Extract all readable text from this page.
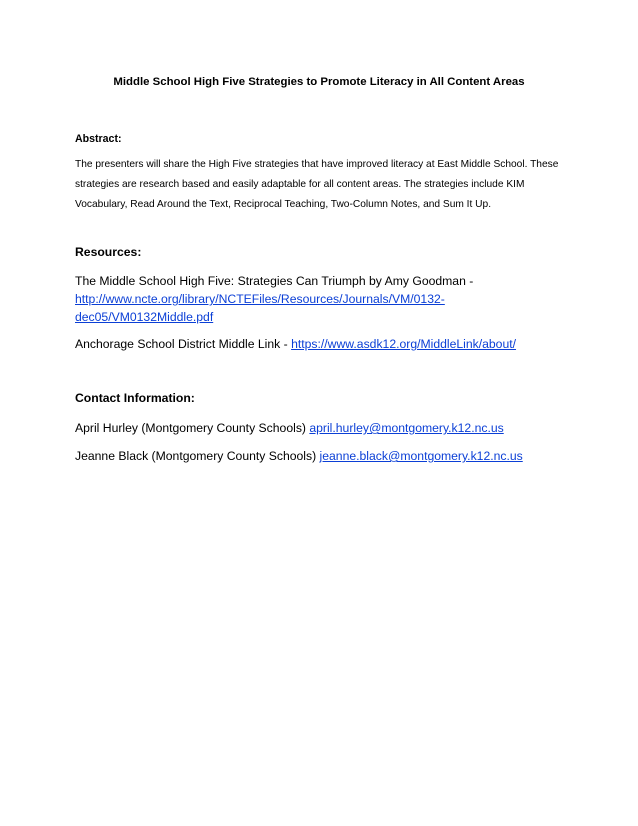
Middle School High Five Strategies to Promote Literacy in All Content Areas
Abstract:
The presenters will share the High Five strategies that have improved literacy at East Middle School. These strategies are research based and easily adaptable for all content areas. The strategies include KIM Vocabulary, Read Around the Text, Reciprocal Teaching, Two-Column Notes, and Sum It Up.
Resources:
The Middle School High Five: Strategies Can Triumph by Amy Goodman -
http://www.ncte.org/library/NCTEFiles/Resources/Journals/VM/0132-
dec05/VM0132Middle.pdf
Anchorage School District Middle Link - https://www.asdk12.org/MiddleLink/about/
Contact Information:
April Hurley (Montgomery County Schools) april.hurley@montgomery.k12.nc.us
Jeanne Black (Montgomery County Schools) jeanne.black@montgomery.k12.nc.us
